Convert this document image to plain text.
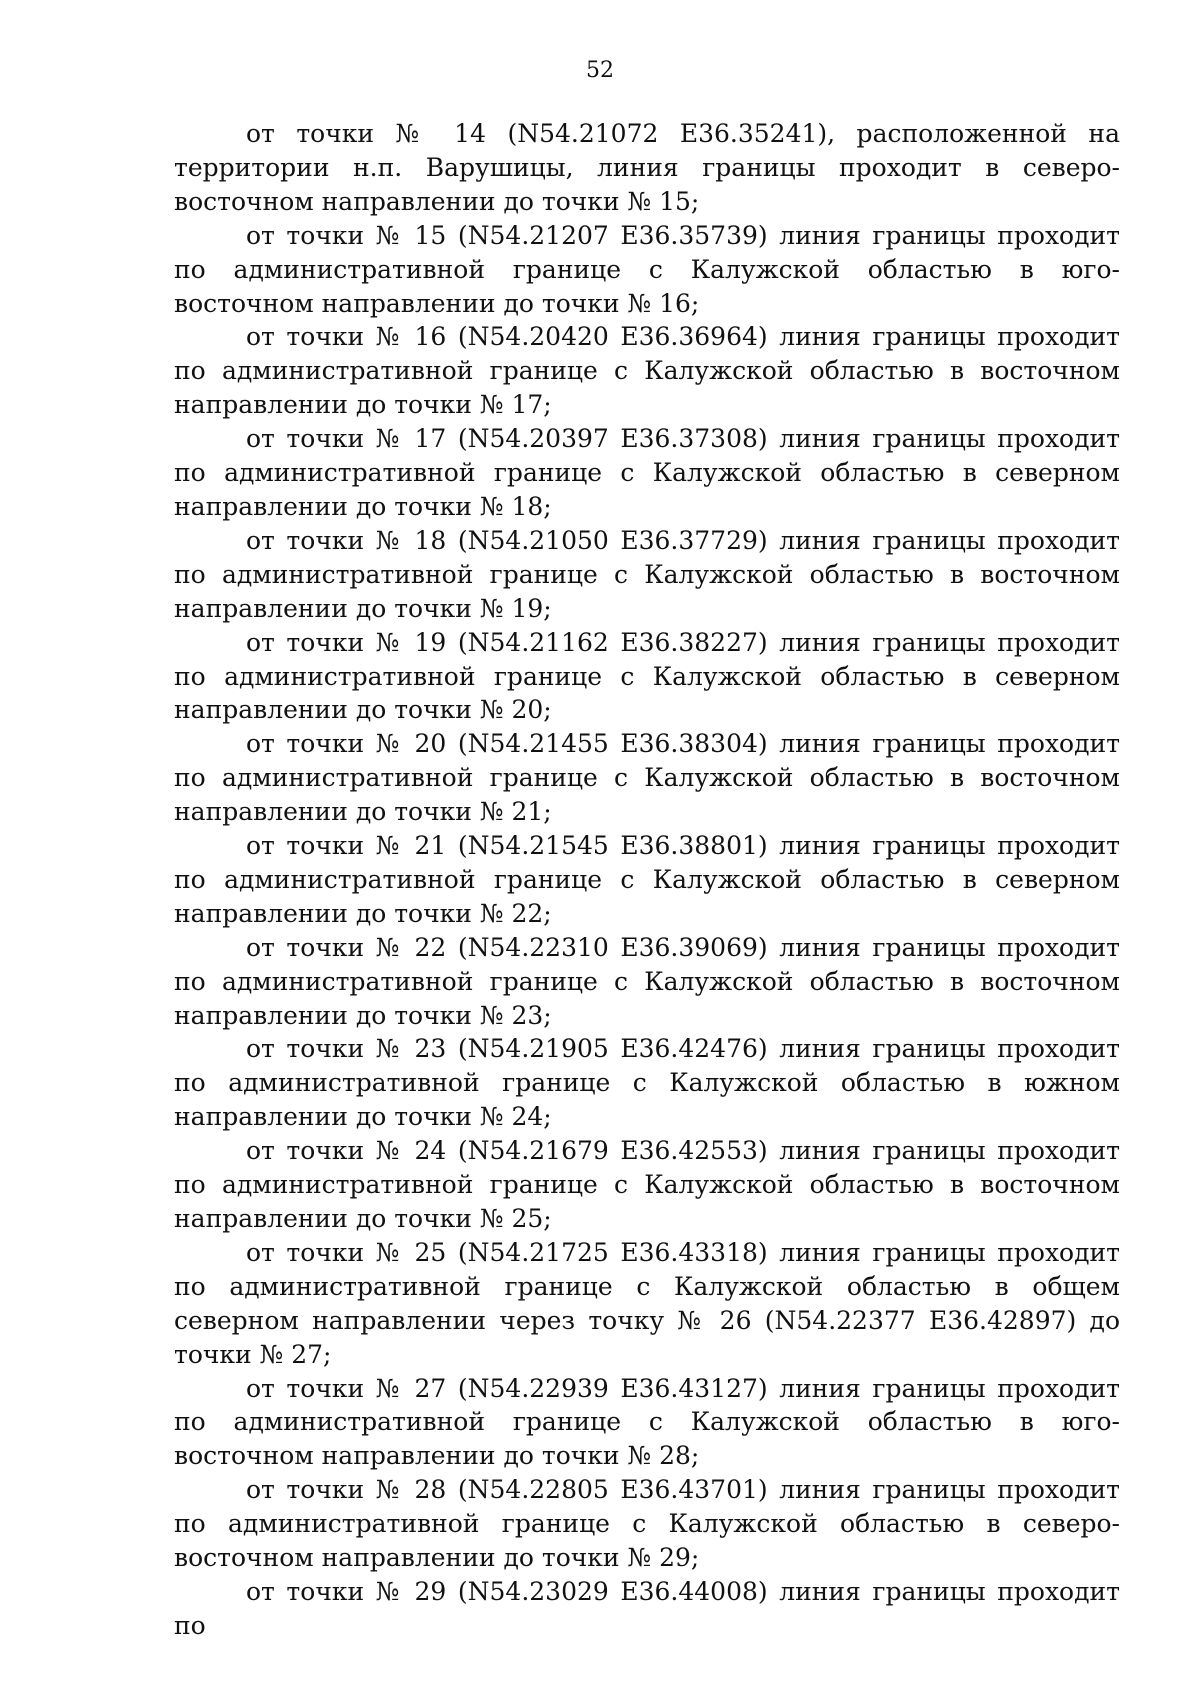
52

от точки № 14 (N54.21072 E36.35241), расположенной на территории н.п. Варушицы, линия границы проходит в северо-восточном направлении до точки № 15;

от точки № 15 (N54.21207 E36.35739) линия границы проходит по административной границе с Калужской областью в юго-восточном направлении до точки № 16;

от точки № 16 (N54.20420 E36.36964) линия границы проходит по административной границе с Калужской областью в восточном направлении до точки № 17;

от точки № 17 (N54.20397 E36.37308) линия границы проходит по административной границе с Калужской областью в северном направлении до точки № 18;

от точки № 18 (N54.21050 E36.37729) линия границы проходит по административной границе с Калужской областью в восточном направлении до точки № 19;

от точки № 19 (N54.21162 E36.38227) линия границы проходит по административной границе с Калужской областью в северном направлении до точки № 20;

от точки № 20 (N54.21455 E36.38304) линия границы проходит по административной границе с Калужской областью в восточном направлении до точки № 21;

от точки № 21 (N54.21545 E36.38801) линия границы проходит по административной границе с Калужской областью в северном направлении до точки № 22;

от точки № 22 (N54.22310 E36.39069) линия границы проходит по административной границе с Калужской областью в восточном направлении до точки № 23;

от точки № 23 (N54.21905 E36.42476) линия границы проходит по административной границе с Калужской областью в южном направлении до точки № 24;

от точки № 24 (N54.21679 E36.42553) линия границы проходит по административной границе с Калужской областью в восточном направлении до точки № 25;

от точки № 25 (N54.21725 E36.43318) линия границы проходит по административной границе с Калужской областью в общем северном направлении через точку № 26 (N54.22377 E36.42897) до точки № 27;

от точки № 27 (N54.22939 E36.43127) линия границы проходит по административной границе с Калужской областью в юго-восточном направлении до точки № 28;

от точки № 28 (N54.22805 E36.43701) линия границы проходит по административной границе с Калужской областью в северо-восточном направлении до точки № 29;

от точки № 29 (N54.23029 E36.44008) линия границы проходит по
